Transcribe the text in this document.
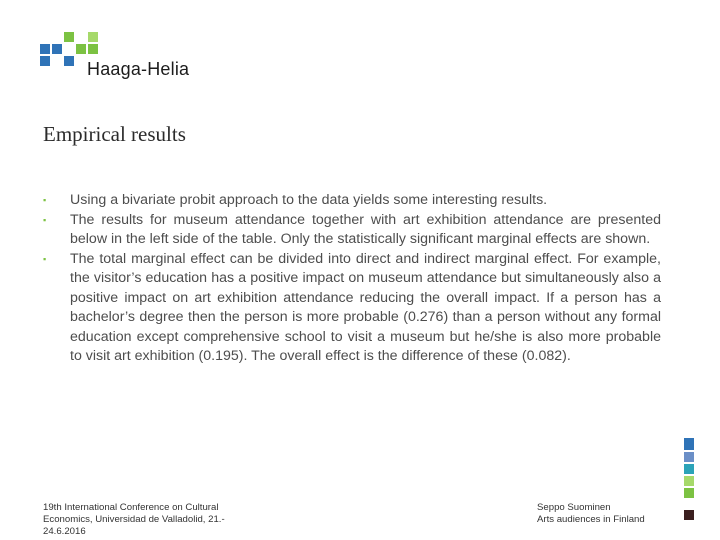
Haaga-Helia
Empirical results

▪ Using a bivariate probit approach to the data yields some interesting results.

▪ The results for museum attendance together with art exhibition attendance are presented below in the left side of the table. Only the statistically significant marginal effects are shown.

▪ The total marginal effect can be divided into direct and indirect marginal effect. For example, the visitor’s education has a positive impact on museum attendance but simultaneously also a positive impact on art exhibition attendance reducing the overall impact. If a person has a bachelor’s degree then the person is more probable (0.276) than a person without any formal education except comprehensive school to visit a museum but he/she is also more probable to visit art exhibition (0.195). The overall effect is the difference of these (0.082).

19th International Conference on Cultural
Economics, Universidad de Valladolid, 21.-
24.6.2016
Seppo Suominen
Arts audiences in Finland
